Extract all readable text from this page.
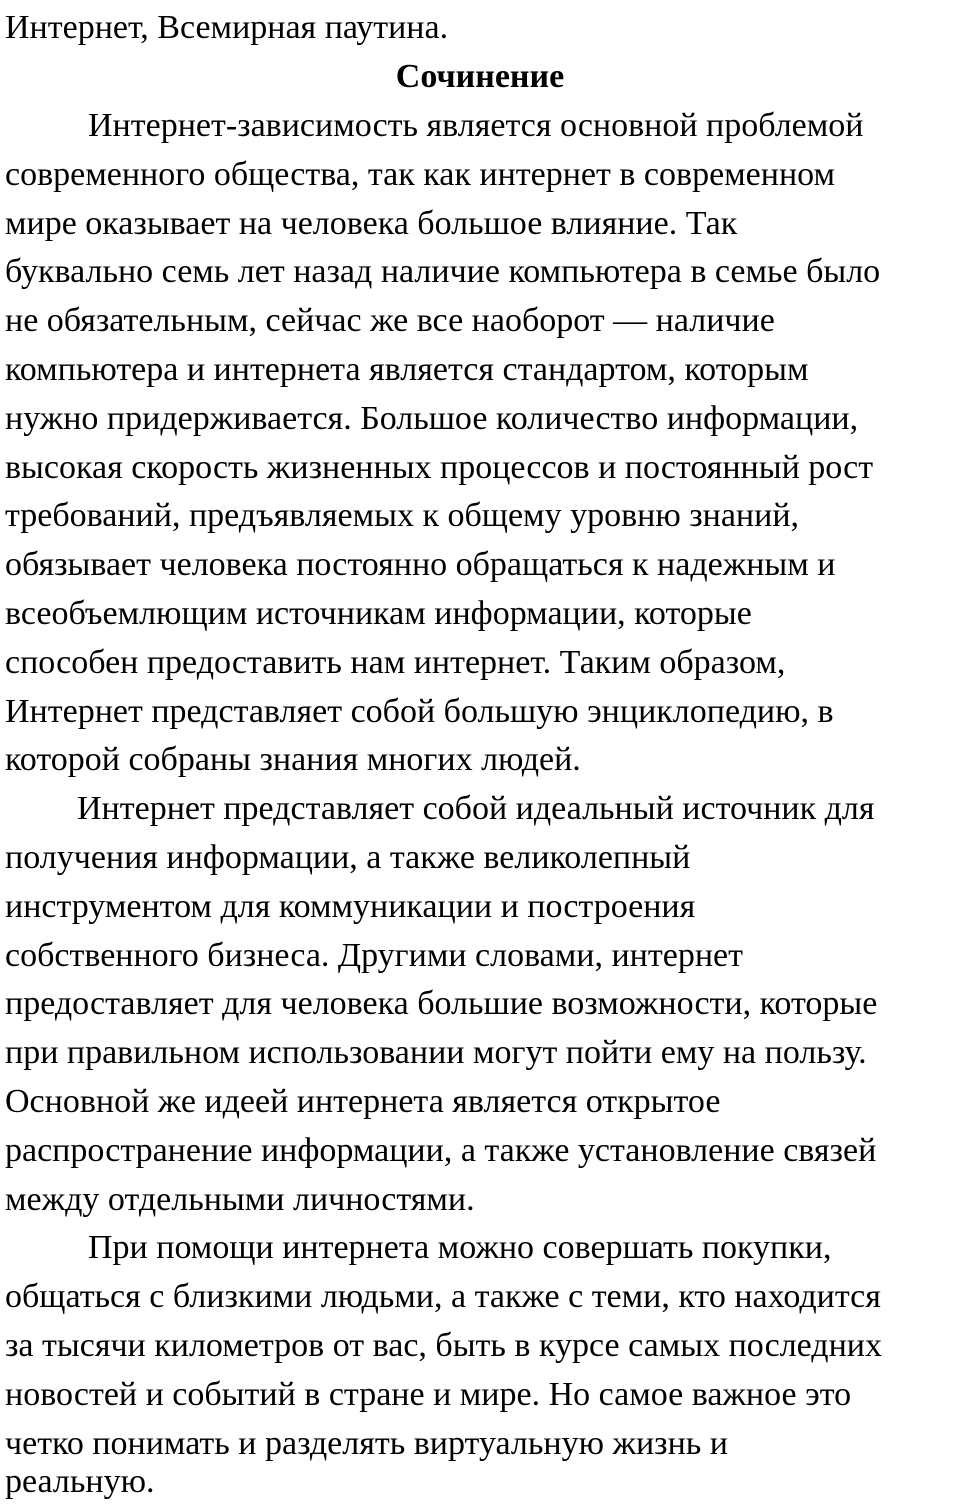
Интернет, Всемирная паутина.
Сочинение
Интернет-зависимость является основной проблемой
современного общества, так как интернет в современном
мире оказывает на человека большое влияние. Так
буквально семь лет назад наличие компьютера в семье было
не обязательным, сейчас же все наоборот — наличие
компьютера и интернета является стандартом, которым
нужно придерживается. Большое количество информации,
высокая скорость жизненных процессов и постоянный рост
требований, предъявляемых к общему уровню знаний,
обязывает человека постоянно обращаться к надежным и
всеобъемлющим источникам информации, которые
способен предоставить нам интернет. Таким образом,
Интернет представляет собой большую энциклопедию, в
которой собраны знания многих людей.
Интернет представляет собой идеальный источник для
получения информации, а также великолепный
инструментом для коммуникации и построения
собственного бизнеса. Другими словами, интернет
предоставляет для человека большие возможности, которые
при правильном использовании могут пойти ему на пользу.
Основной же идеей интернета является открытое
распространение информации, а также установление связей
между отдельными личностями.
При помощи интернета можно совершать покупки,
общаться с близкими людьми, а также с теми, кто находится
за тысячи километров от вас, быть в курсе самых последних
новостей и событий в стране и мире. Но самое важное это
четко понимать и разделять виртуальную жизнь и
реальную.
